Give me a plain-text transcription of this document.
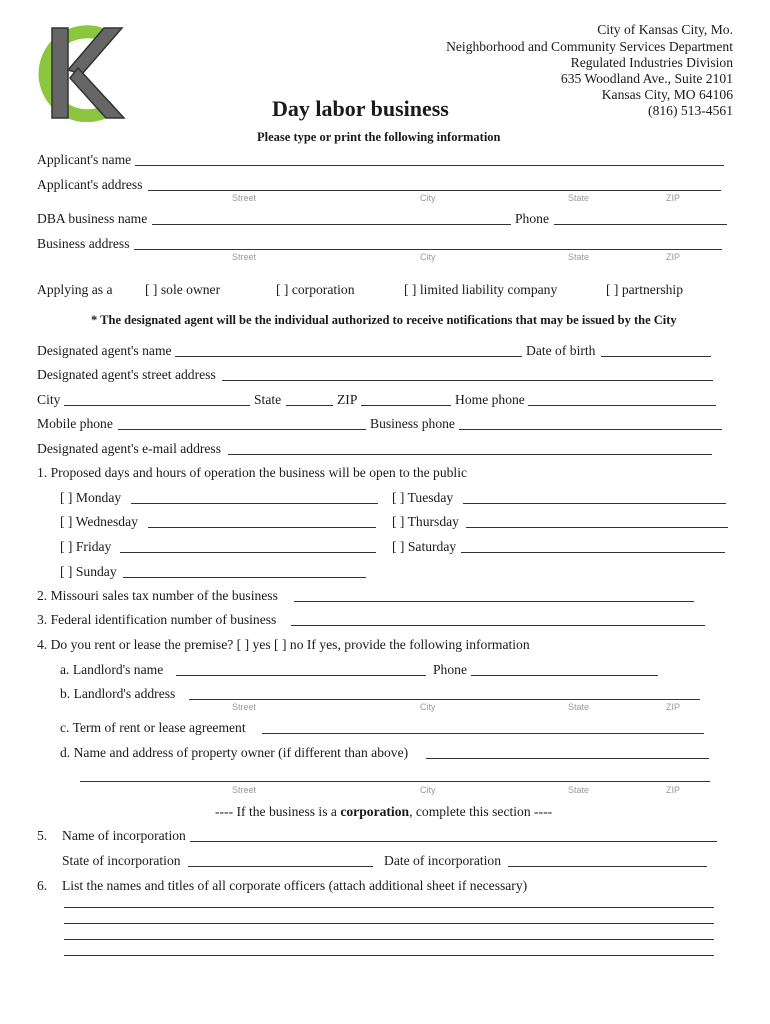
City of Kansas City, Mo.
Neighborhood and Community Services Department
Regulated Industries Division
635 Woodland Ave., Suite 2101
Kansas City, MO 64106
(816) 513-4561
Day labor business
Please type or print the following information
Applicant's name
Applicant's address
Street	City	State	ZIP
DBA business name	Phone
Business address
Street	City	State	ZIP
Applying as a [ ] sole owner	[ ] corporation	[ ] limited liability company	[ ] partnership
* The designated agent will be the individual authorized to receive notifications that may be issued by the City
Designated agent's name	Date of birth
Designated agent's street address
City	State	ZIP	Home phone
Mobile phone	Business phone
Designated agent's e-mail address
1. Proposed days and hours of operation the business will be open to the public
[ ] Monday	[ ] Tuesday
[ ] Wednesday	[ ] Thursday
[ ] Friday	[ ] Saturday
[ ] Sunday
2. Missouri sales tax number of the business
3. Federal identification number of business
4. Do you rent or lease the premise? [ ] yes [ ] no If yes, provide the following information
a. Landlord's name	Phone
b. Landlord's address
Street	City	State	ZIP
c. Term of rent or lease agreement
d. Name and address of property owner (if different than above)
Street	City	State	ZIP
---- If the business is a corporation, complete this section ----
5. Name of incorporation
State of incorporation	Date of incorporation
6. List the names and titles of all corporate officers (attach additional sheet if necessary)
